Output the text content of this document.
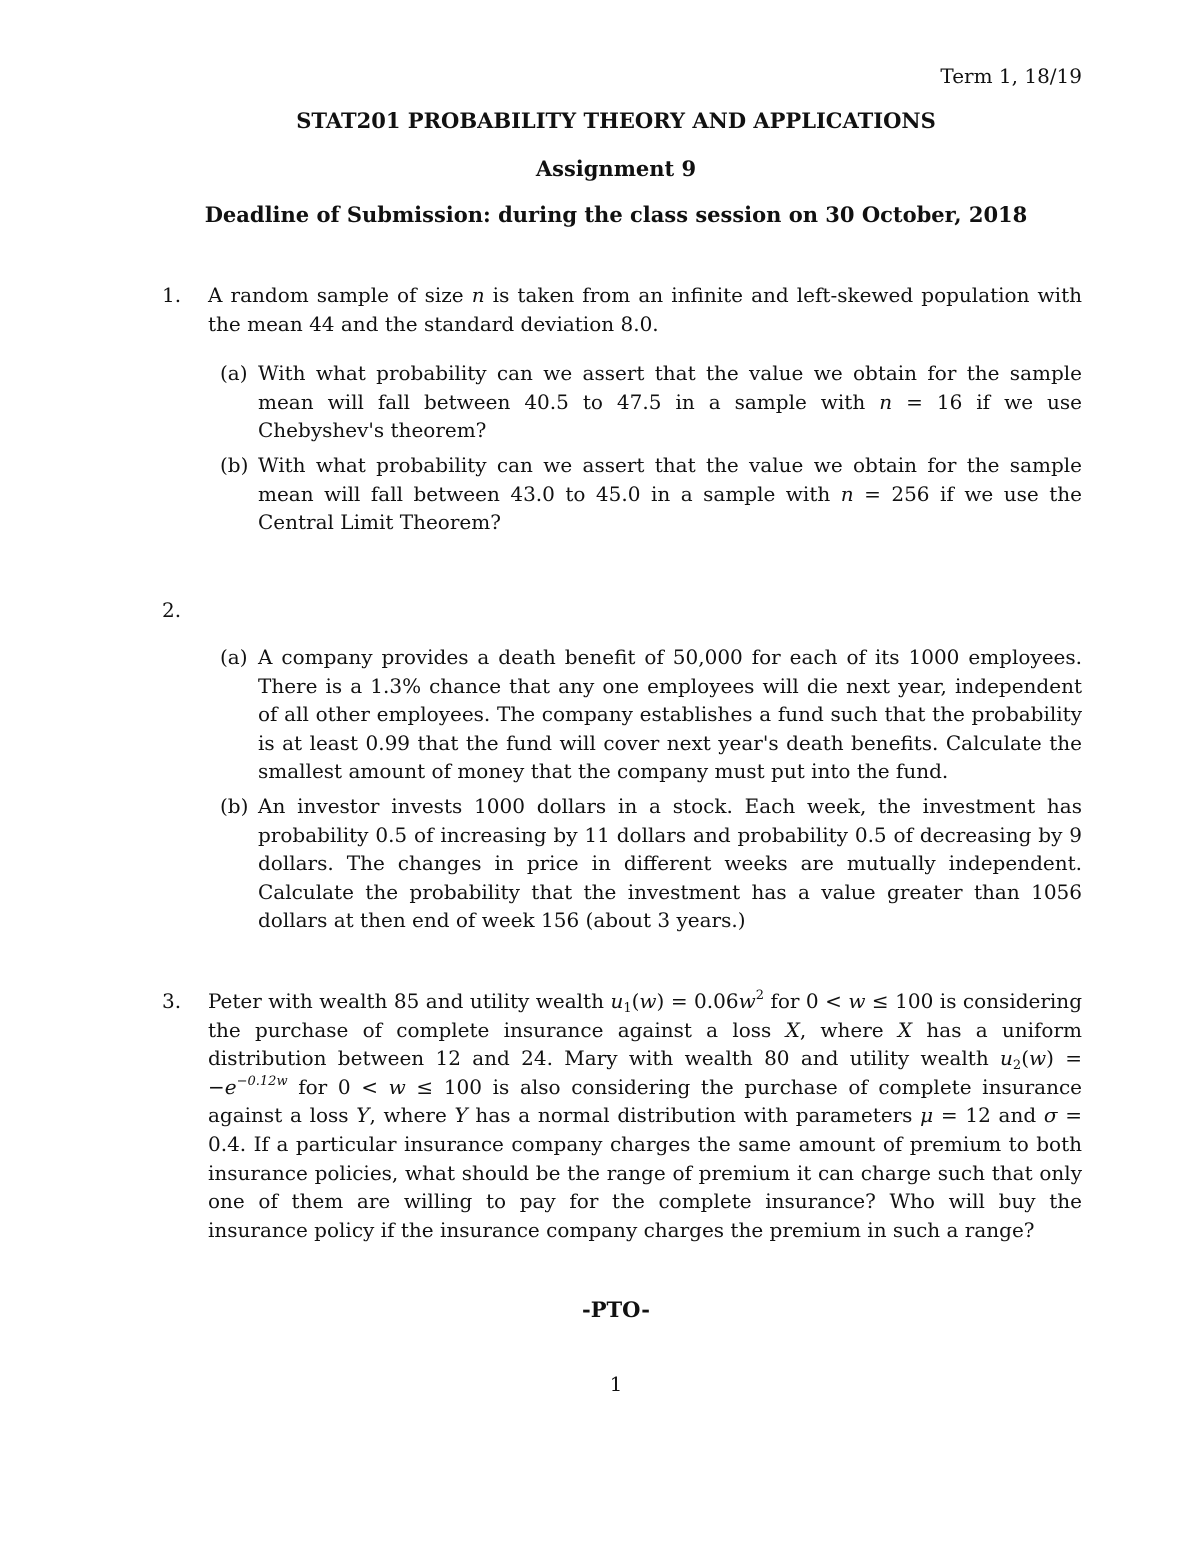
Term 1, 18/19
STAT201 PROBABILITY THEORY AND APPLICATIONS
Assignment 9
Deadline of Submission: during the class session on 30 October, 2018
1. A random sample of size n is taken from an infinite and left-skewed population with the mean 44 and the standard deviation 8.0.
(a) With what probability can we assert that the value we obtain for the sample mean will fall between 40.5 to 47.5 in a sample with n = 16 if we use Chebyshev's theorem?
(b) With what probability can we assert that the value we obtain for the sample mean will fall between 43.0 to 45.0 in a sample with n = 256 if we use the Central Limit Theorem?
2.
(a) A company provides a death benefit of 50,000 for each of its 1000 employees. There is a 1.3% chance that any one employees will die next year, independent of all other employees. The company establishes a fund such that the probability is at least 0.99 that the fund will cover next year's death benefits. Calculate the smallest amount of money that the company must put into the fund.
(b) An investor invests 1000 dollars in a stock. Each week, the investment has probability 0.5 of increasing by 11 dollars and probability 0.5 of decreasing by 9 dollars. The changes in price in different weeks are mutually independent. Calculate the probability that the investment has a value greater than 1056 dollars at then end of week 156 (about 3 years.)
3. Peter with wealth 85 and utility wealth $u_1(w) = 0.06w^2$ for 0 < w ≤ 100 is considering the purchase of complete insurance against a loss X, where X has a uniform distribution between 12 and 24. Mary with wealth 80 and utility wealth $u_2(w) = -e^{-0.12w}$ for 0 < w ≤ 100 is also considering the purchase of complete insurance against a loss Y, where Y has a normal distribution with parameters μ = 12 and σ = 0.4. If a particular insurance company charges the same amount of premium to both insurance policies, what should be the range of premium it can charge such that only one of them are willing to pay for the complete insurance? Who will buy the insurance policy if the insurance company charges the premium in such a range?
-PTO-
1
